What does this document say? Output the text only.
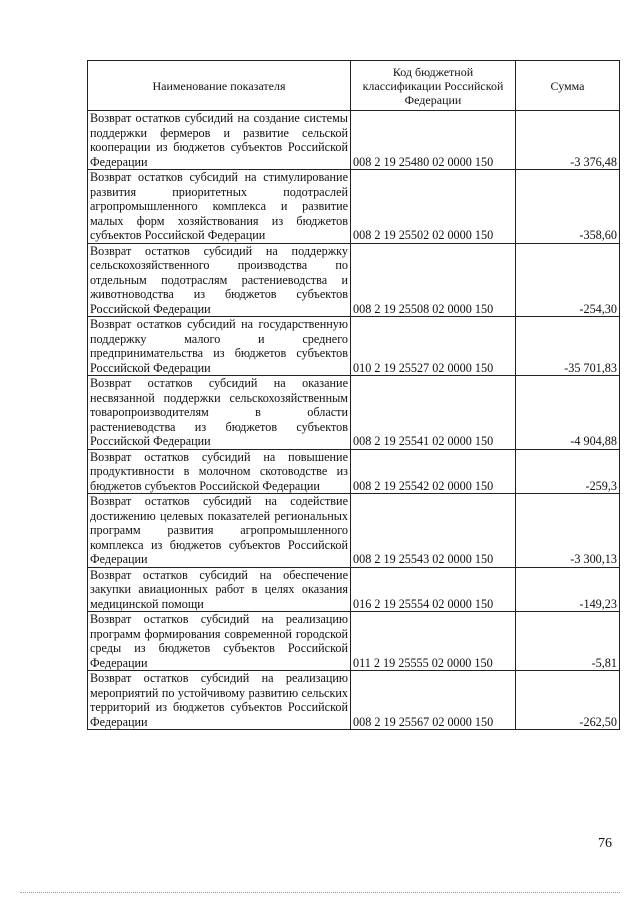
Наименование показателя	Код бюджетной классификации Российской Федерации	Сумма
Возврат остатков субсидий на создание системы поддержки фермеров и развитие сельской кооперации из бюджетов субъектов Российской Федерации	008 2 19 25480 02 0000 150	-3 376,48
Возврат остатков субсидий на стимулирование развития приоритетных подотраслей агропромышленного комплекса и развитие малых форм хозяйствования из бюджетов субъектов Российской Федерации	008 2 19 25502 02 0000 150	-358,60
Возврат остатков субсидий на поддержку сельскохозяйственного производства по отдельным подотраслям растениеводства и животноводства из бюджетов субъектов Российской Федерации	008 2 19 25508 02 0000 150	-254,30
Возврат остатков субсидий на государственную поддержку малого и среднего предпринимательства из бюджетов субъектов Российской Федерации	010 2 19 25527 02 0000 150	-35 701,83
Возврат остатков субсидий на оказание несвязанной поддержки сельскохозяйственным товаропроизводителям в области растениеводства из бюджетов субъектов Российской Федерации	008 2 19 25541 02 0000 150	-4 904,88
Возврат остатков субсидий на повышение продуктивности в молочном скотоводстве из бюджетов субъектов Российской Федерации	008 2 19 25542 02 0000 150	-259,3
Возврат остатков субсидий на содействие достижению целевых показателей региональных программ развития агропромышленного комплекса из бюджетов субъектов Российской Федерации	008 2 19 25543 02 0000 150	-3 300,13
Возврат остатков субсидий на обеспечение закупки авиационных работ в целях оказания медицинской помощи	016 2 19 25554 02 0000 150	-149,23
Возврат остатков субсидий на реализацию программ формирования современной городской среды из бюджетов субъектов Российской Федерации	011 2 19 25555 02 0000 150	-5,81
Возврат остатков субсидий на реализацию мероприятий по устойчивому развитию сельских территорий из бюджетов субъектов Российской Федерации	008 2 19 25567 02 0000 150	-262,50
76
